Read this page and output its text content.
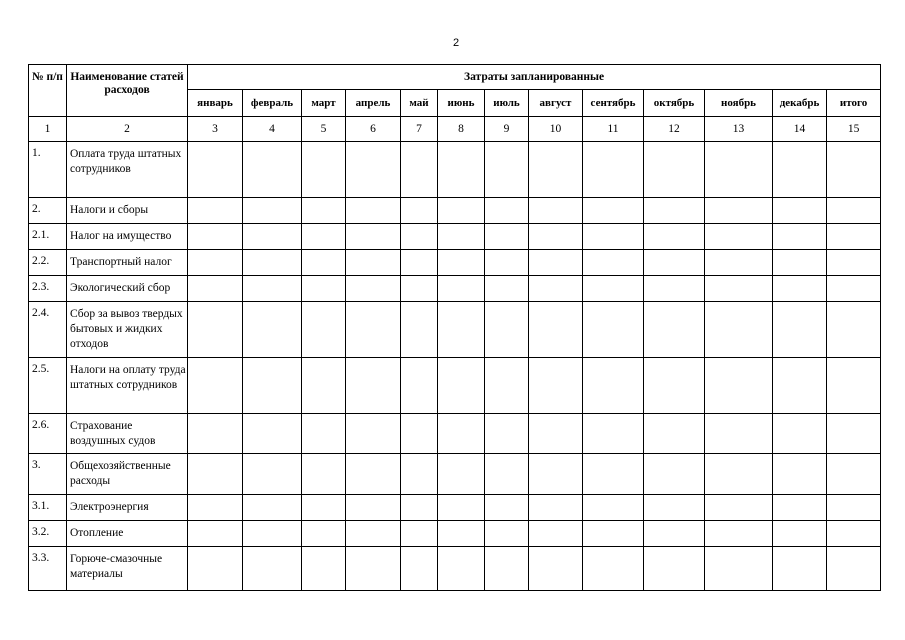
2
№ п/п	Наименование статей расходов	Затраты запланированные												
		январь	февраль	март	апрель	май	июнь	июль	август	сентябрь	октябрь	ноябрь	декабрь	итого
1	2	3	4	5	6	7	8	9	10	11	12	13	14	15
1.	Оплата труда штатных сотрудников													
2.	Налоги и сборы													
2.1.	Налог на имущество													
2.2.	Транспортный налог													
2.3.	Экологический сбор													
2.4.	Сбор за вывоз твердых бытовых и жидких отходов													
2.5.	Налоги на оплату труда штатных сотрудников													
2.6.	Страхование воздушных судов													
3.	Общехозяйственные расходы													
3.1.	Электроэнергия													
3.2.	Отопление													
3.3.	Горюче-смазочные материалы													
